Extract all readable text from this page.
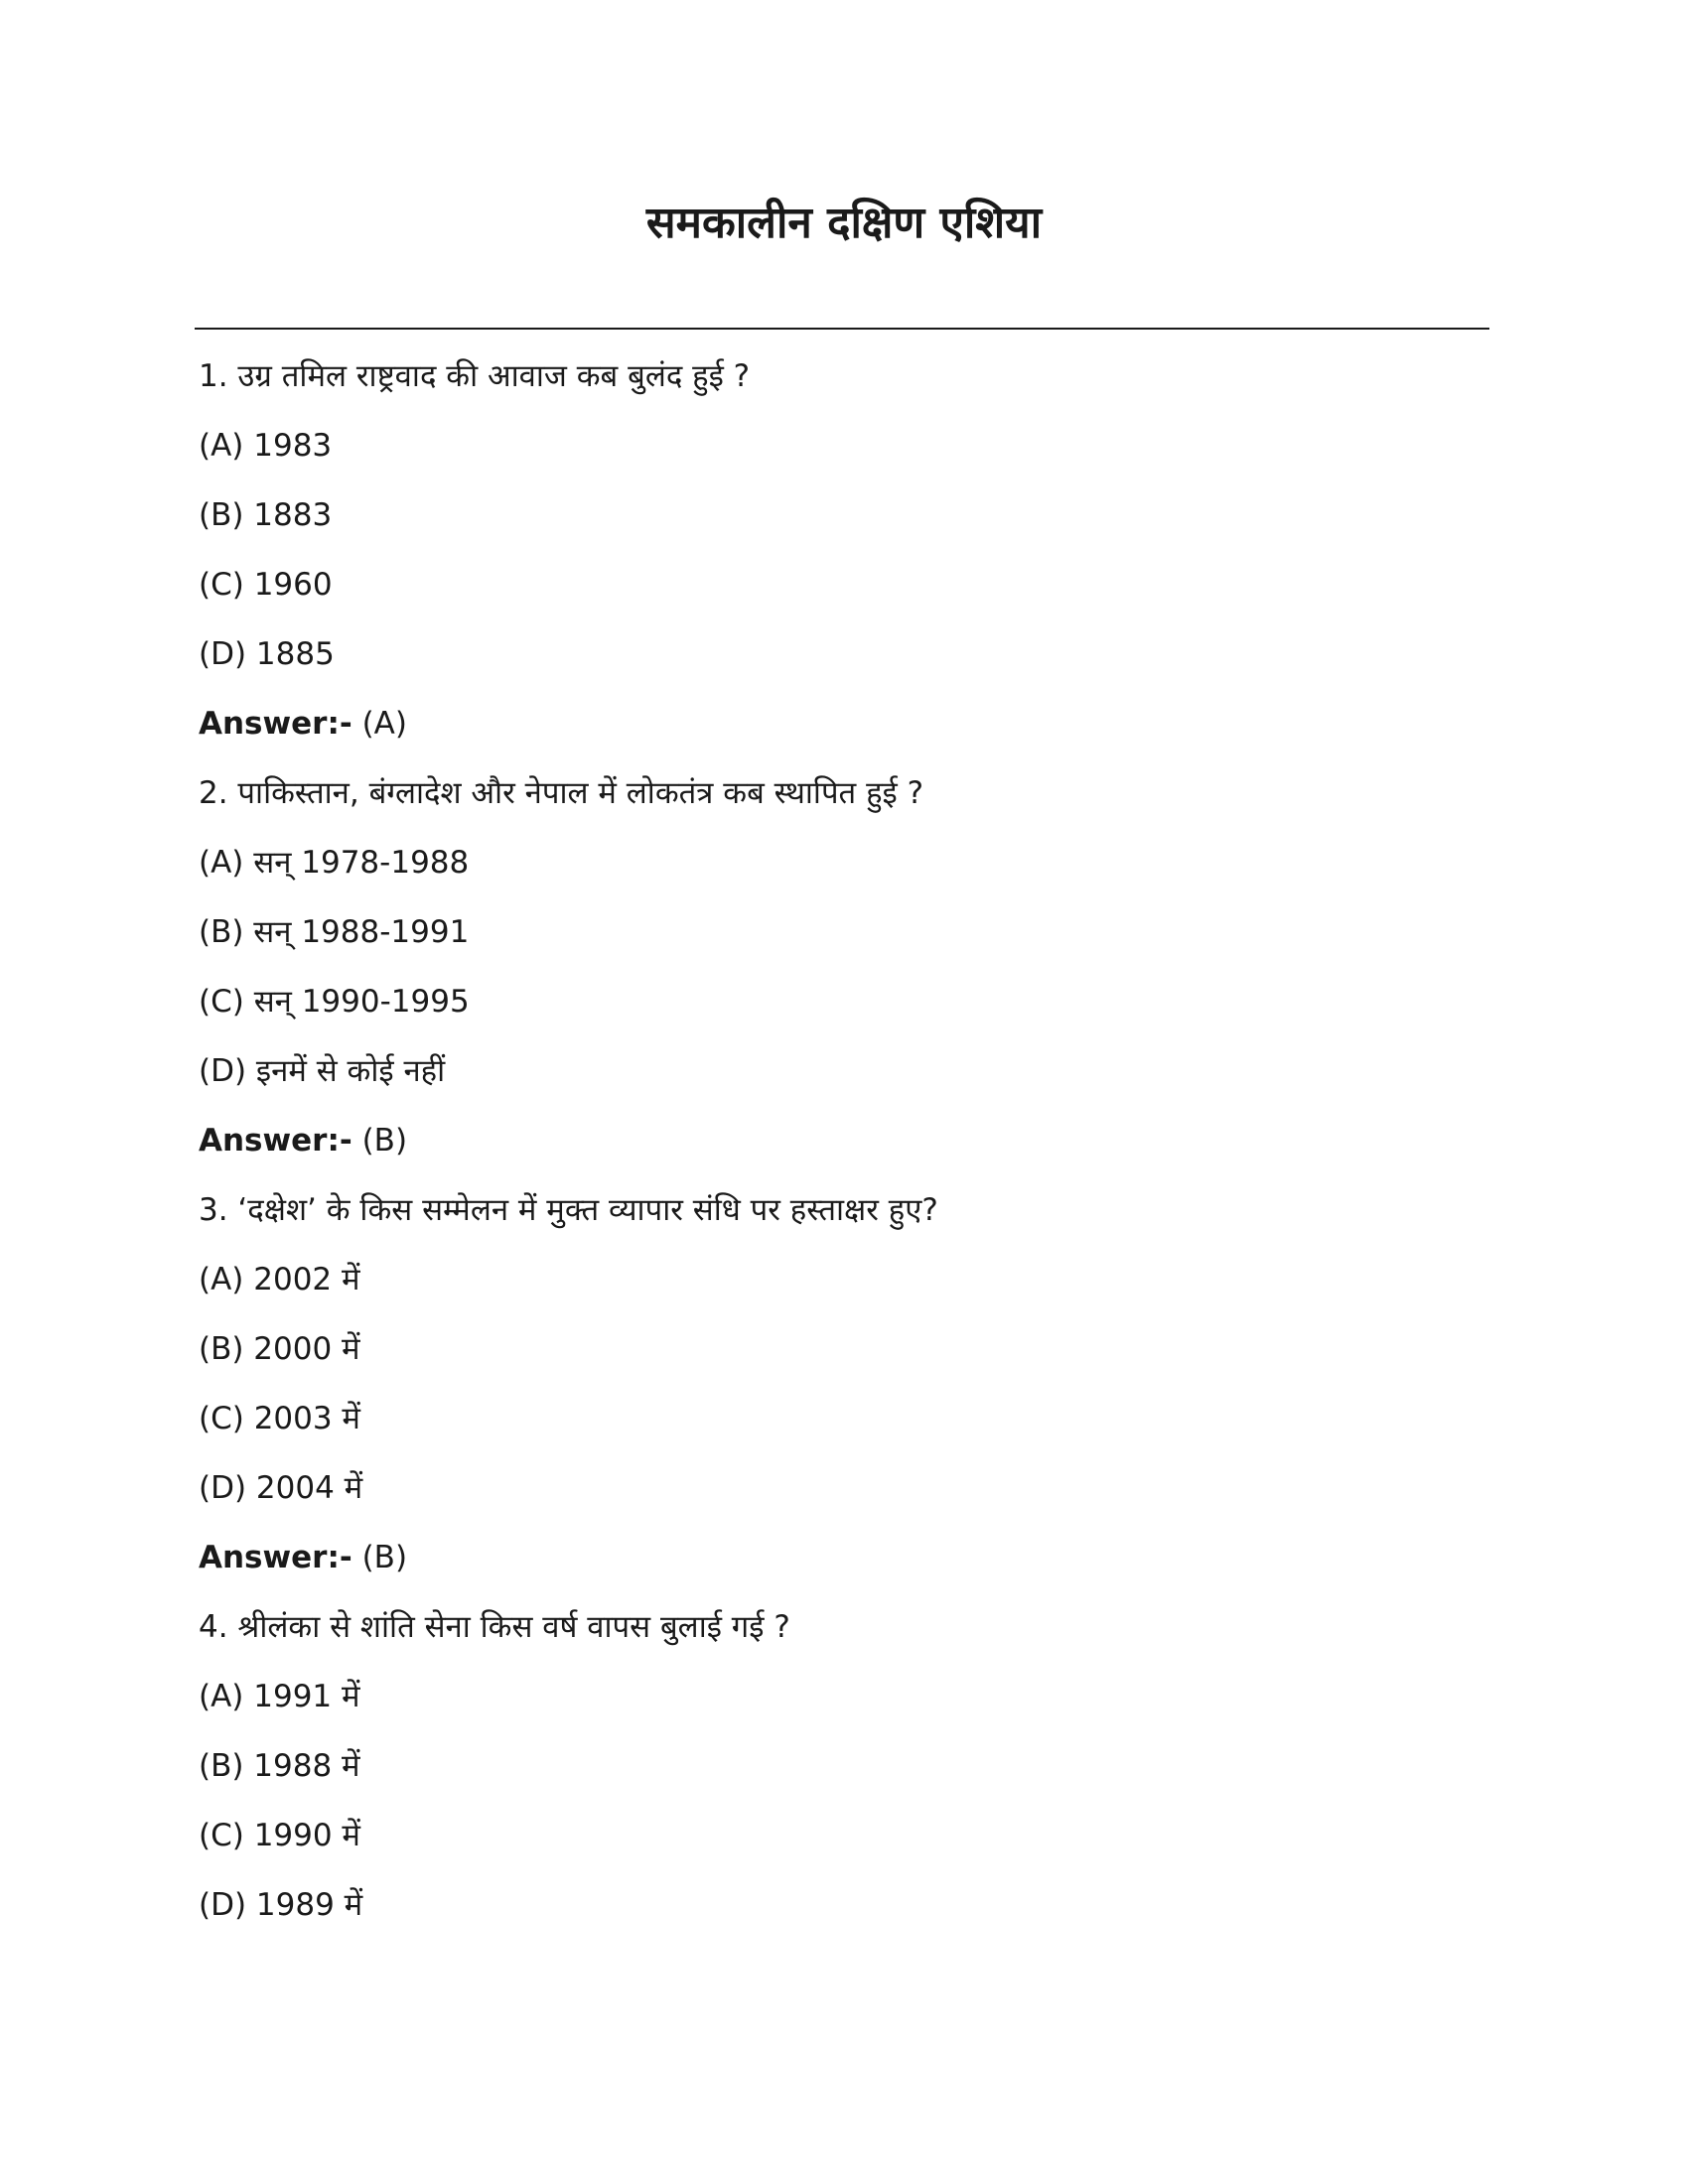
समकालीन दक्षिण एशिया
1. उग्र तमिल राष्ट्रवाद की आवाज कब बुलंद हुई ?
(A) 1983
(B) 1883
(C) 1960
(D) 1885
Answer:- (A)
2. पाकिस्तान, बंग्लादेश और नेपाल में लोकतंत्र कब स्थापित हुई ?
(A) सन् 1978-1988
(B) सन् 1988-1991
(C) सन् 1990-1995
(D) इनमें से कोई नहीं
Answer:- (B)
3. ‘दक्षेश’ के किस सम्मेलन में मुक्त व्यापार संधि पर हस्ताक्षर हुए?
(A) 2002 में
(B) 2000 में
(C) 2003 में
(D) 2004 में
Answer:- (B)
4. श्रीलंका से शांति सेना किस वर्ष वापस बुलाई गई ?
(A) 1991 में
(B) 1988 में
(C) 1990 में
(D) 1989 में
